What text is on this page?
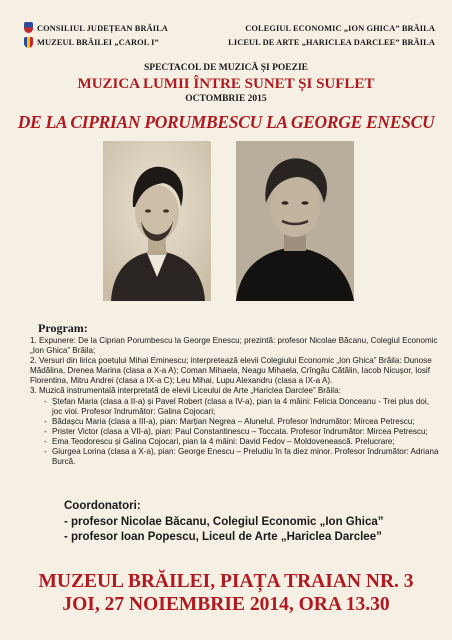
CONSILIUL JUDEȚEAN BRĂILA
MUZEUL BRĂILEI „CAROL I”
COLEGIUL ECONOMIC „ION GHICA” BRĂILA
LICEUL DE ARTE „HARICLEA DARCLEE” BRĂILA
SPECTACOL DE MUZICĂ ȘI POEZIE
MUZICA LUMII ÎNTRE SUNET ȘI SUFLET
OCTOMBRIE 2015
DE LA CIPRIAN PORUMBESCU LA GEORGE ENESCU
Program:
1. Expunere: De la Ciprian Porumbescu la George Enescu; prezintă: profesor Nicolae Băcanu, Colegiul Economic „Ion Ghica” Brăila;
2. Versuri din lirica poetului Mihai Eminescu; interpretează elevii Colegiului Economic „Ion Ghica” Brăila: Dunose Mădălina, Drenea Marina (clasa a X-a A); Coman Mihaela, Neagu Mihaela, Crîngău Cătălin, Iacob Nicușor, Iosif Florentina, Mitru Andrei (clasa a IX-a C); Leu Mihai, Lupu Alexandru (clasa a IX-a A).
3. Muzică instrumentală interpretată de elevii Liceului de Arte „Hariclea Darclee” Brăila:
- Ștefan Maria (clasa a II-a) și Pavel Robert (clasa a IV-a), pian la 4 mâini: Felicia Donceanu - Trei plus doi, joc vioi. Profesor îndrumător: Galina Cojocari;
- Bădașcu Maria (clasa a III-a), pian: Marțian Negrea – Alunelul. Profesor îndrumător: Mircea Petrescu;
- Prister Victor (clasa a VII-a), pian: Paul Constantinescu – Toccata. Profesor îndrumător: Mircea Petrescu;
- Ema Teodorescu și Galina Cojocari, pian la 4 mâini: David Fedov – Moldovenească. Prelucrare;
- Giurgea Lorina (clasa a X-a), pian: George Enescu – Preludiu în fa diez minor. Profesor îndrumător: Adriana Burcă.
Coordonatori:
- profesor Nicolae Băcanu, Colegiul Economic „Ion Ghica”
- profesor Ioan Popescu, Liceul de Arte „Hariclea Darclee”
MUZEUL BRĂILEI, PIAȚA TRAIAN NR. 3
JOI, 27 NOIEMBRIE 2014, ORA 13.30
